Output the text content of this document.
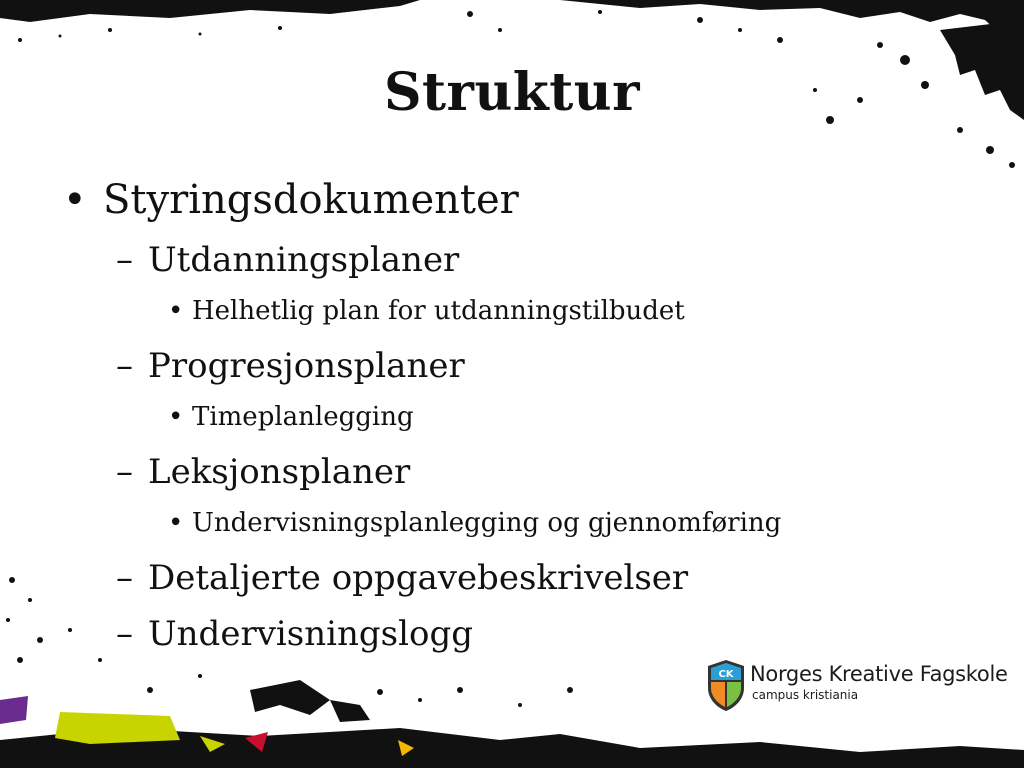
Struktur
• Styringsdokumenter
– Utdanningsplaner
• Helhetlig plan for utdanningstilbudet
– Progresjonsplaner
• Timeplanlegging
– Leksjonsplaner
• Undervisningsplanlegging og gjennomføring
– Detaljerte oppgavebeskrivelser
– Undervisningslogg
CK Norges Kreative Fagskole
campus kristiania
